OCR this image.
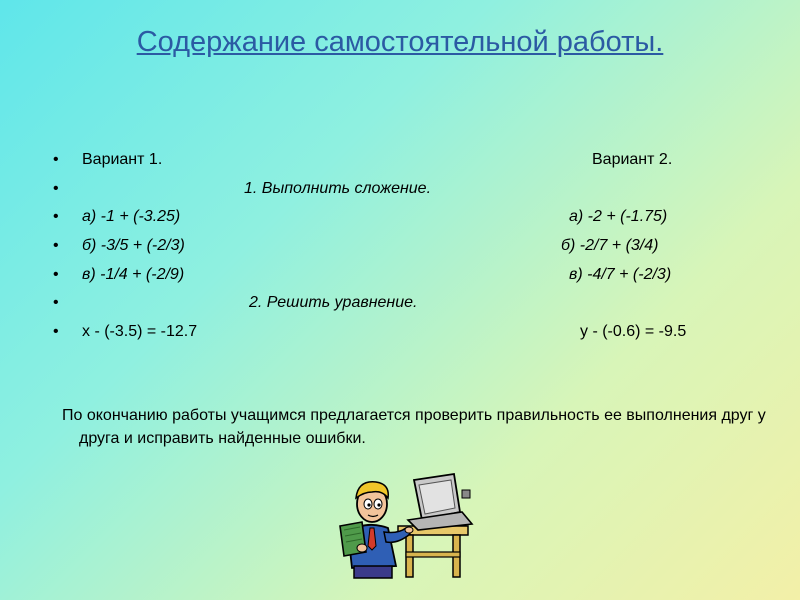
Содержание самостоятельной работы.
• Вариант 1.	Вариант 2.
•	1. Выполнить сложение.
• а) -1 + (-3.25)	а) -2 + (-1.75)
• б) -3/5 + (-2/3)	б) -2/7 + (3/4)
• в) -1/4 + (-2/9)	в) -4/7 + (-2/3)
•	2. Решить уравнение.
• x - (-3.5) = -12.7	y - (-0.6) = -9.5
По окончанию работы учащимся предлагается проверить правильность ее выполнения друг у друга и исправить найденные ошибки.
